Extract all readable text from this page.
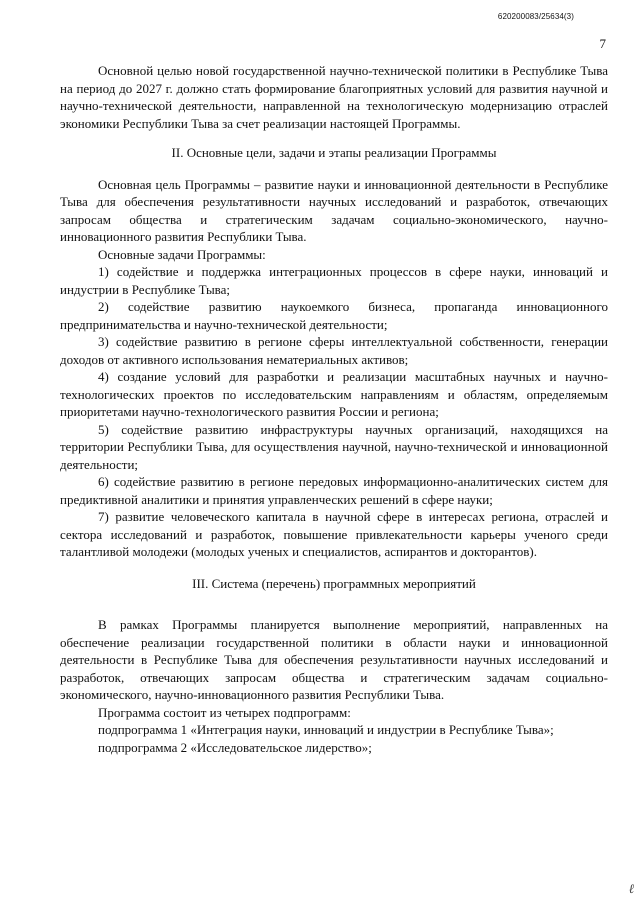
620200083/25634(3)
7

Основной целью новой государственной научно-технической политики в Республике Тыва на период до 2027 г. должно стать формирование благоприятных условий для развития научной и научно-технической деятельности, направленной на технологическую модернизацию отраслей экономики Республики Тыва за счет реализации настоящей Программы.

II. Основные цели, задачи и этапы реализации Программы

Основная цель Программы – развитие науки и инновационной деятельности в Республике Тыва для обеспечения результативности научных исследований и разработок, отвечающих запросам общества и стратегическим задачам социально-экономического, научно-инновационного развития Республики Тыва.

Основные задачи Программы:

1) содействие и поддержка интеграционных процессов в сфере науки, инноваций и индустрии в Республике Тыва;

2) содействие развитию наукоемкого бизнеса, пропаганда инновационного предпринимательства и научно-технической деятельности;

3) содействие развитию в регионе сферы интеллектуальной собственности, генерации доходов от активного использования нематериальных активов;

4) создание условий для разработки и реализации масштабных научных и научно-технологических проектов по исследовательским направлениям и областям, определяемым приоритетами научно-технологического развития России и региона;

5) содействие развитию инфраструктуры научных организаций, находящихся на территории Республики Тыва, для осуществления научной, научно-технической и инновационной деятельности;

6) содействие развитию в регионе передовых информационно-аналитических систем для предиктивной аналитики и принятия управленческих решений в сфере науки;

7) развитие человеческого капитала в научной сфере в интересах региона, отраслей и сектора исследований и разработок, повышение привлекательности карьеры ученого среди талантливой молодежи (молодых ученых и специалистов, аспирантов и докторантов).

III. Система (перечень) программных мероприятий

В рамках Программы планируется выполнение мероприятий, направленных на обеспечение реализации государственной политики в области науки и инновационной деятельности в Республике Тыва для обеспечения результативности научных исследований и разработок, отвечающих запросам общества и стратегическим задачам социально-экономического, научно-инновационного развития Республики Тыва.

Программа состоит из четырех подпрограмм:

подпрограмма 1 «Интеграция науки, инноваций и индустрии в Республике Тыва»;

подпрограмма 2 «Исследовательское лидерство»;

ℓ
